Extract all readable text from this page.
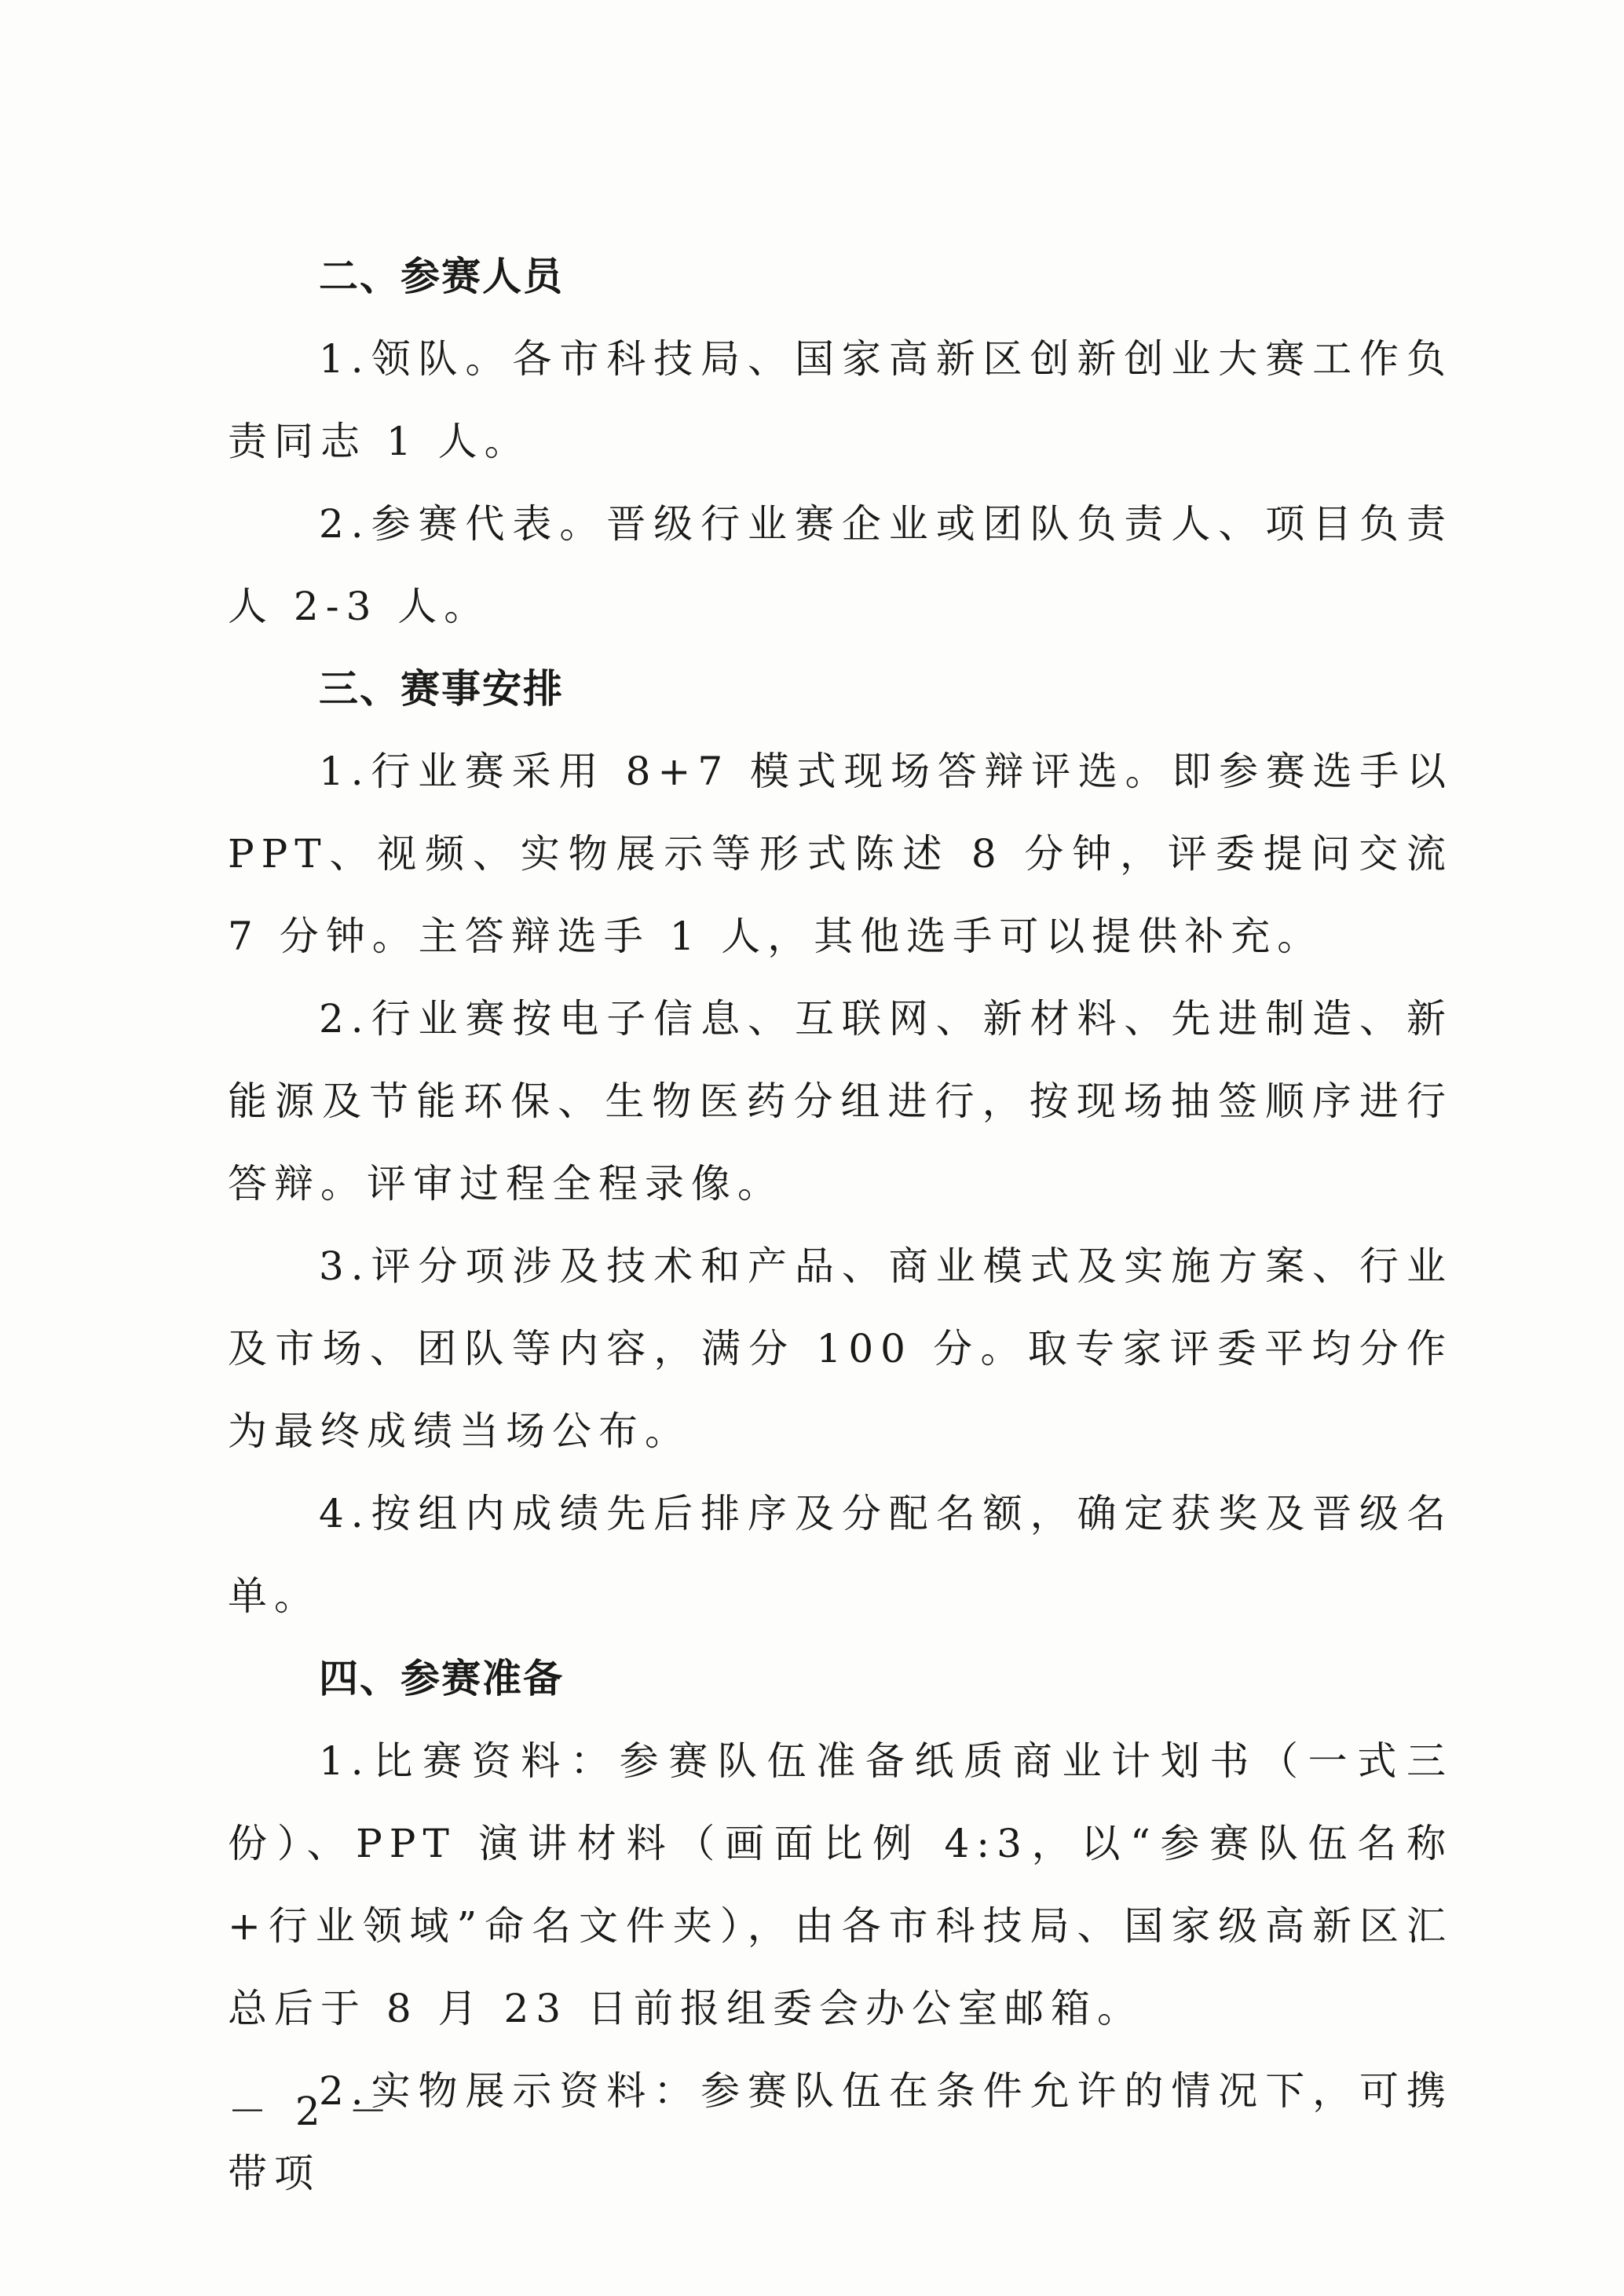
二、参赛人员

1.领队。各市科技局、国家高新区创新创业大赛工作负责同志 1 人。

2.参赛代表。晋级行业赛企业或团队负责人、项目负责人 2-3 人。

三、赛事安排

1.行业赛采用 8+7 模式现场答辩评选。即参赛选手以 PPT、视频、实物展示等形式陈述 8 分钟，评委提问交流 7 分钟。主答辩选手 1 人，其他选手可以提供补充。

2.行业赛按电子信息、互联网、新材料、先进制造、新能源及节能环保、生物医药分组进行，按现场抽签顺序进行答辩。评审过程全程录像。

3.评分项涉及技术和产品、商业模式及实施方案、行业及市场、团队等内容，满分 100 分。取专家评委平均分作为最终成绩当场公布。

4.按组内成绩先后排序及分配名额，确定获奖及晋级名单。

四、参赛准备

1.比赛资料：参赛队伍准备纸质商业计划书（一式三份）、PPT 演讲材料（画面比例 4:3，以“参赛队伍名称+行业领域”命名文件夹），由各市科技局、国家级高新区汇总后于 8 月 23 日前报组委会办公室邮箱。

2.实物展示资料：参赛队伍在条件允许的情况下，可携带项

－ 2 －
